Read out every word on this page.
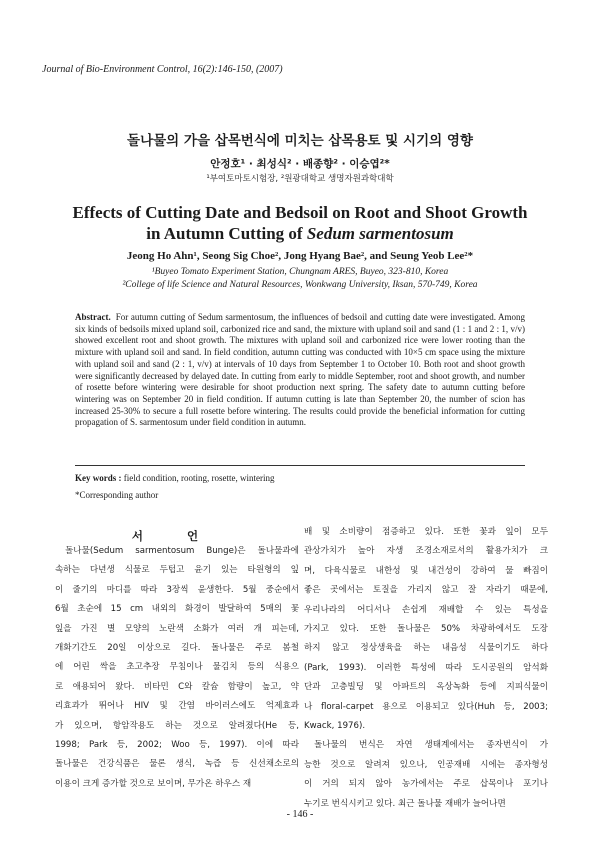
Journal of Bio-Environment Control, 16(2):146-150, (2007)
돌나물의 가을 삽목번식에 미치는 삽목용토 및 시기의 영향
안정호¹ · 최성식² · 배종향² · 이승엽²*
¹부여토마토시험장, ²원광대학교 생명자원과학대학
Effects of Cutting Date and Bedsoil on Root and Shoot Growth
in Autumn Cutting of Sedum sarmentosum
Jeong Ho Ahn¹, Seong Sig Choe², Jong Hyang Bae², and Seung Yeob Lee²*
¹Buyeo Tomato Experiment Station, Chungnam ARES, Buyeo, 323-810, Korea
²College of life Science and Natural Resources, Wonkwang University, Iksan, 570-749, Korea
Abstract. For autumn cutting of Sedum sarmentosum, the influences of bedsoil and cutting date were investigated. Among six kinds of bedsoils mixed upland soil, carbonized rice and sand, the mixture with upland soil and sand (1 : 1 and 2 : 1, v/v) showed excellent root and shoot growth. The mixtures with upland soil and carbonized rice were lower rooting than the mixture with upland soil and sand. In field condition, autumn cutting was conducted with 10×5 cm space using the mixture with upland soil and sand (2 : 1, v/v) at intervals of 10 days from September 1 to October 10. Both root and shoot growth were significantly decreased by delayed date. In cutting from early to middle September, root and shoot growth, and number of rosette before wintering were desirable for shoot production next spring. The safety date to autumn cutting before wintering was on September 20 in field condition. If autumn cutting is late than September 20, the number of scion has increased 25-30% to secure a full rosette before wintering. The results could provide the beneficial information for cutting propagation of S. sarmentosum under field condition in autumn.
Key words : field condition, rooting, rosette, wintering
*Corresponding author
서 언
돌나물(Sedum sarmentosum Bunge)은 돌나물과에
속하는 다년생 식물로 두텁고 윤기 있는 타원형의 잎
이 줄기의 마디를 따라 3장씩 윤생한다. 5월 중순에서
6월 초순에 15 cm 내외의 화경이 발달하여 5매의 꽃
잎을 가진 별 모양의 노란색 소화가 여러 개 피는데,
개화기간도 20일 이상으로 길다. 돌나물은 주로 봄철
에 어린 싹을 초고추장 무침이나 물김치 등의 식용으
로 애용되어 왔다. 비타민 C와 칼슘 함량이 높고, 약
리효과가 뛰어나 HIV 및 간염 바이러스에도 억제효과
가 있으며, 항암작용도 하는 것으로 알려졌다(He 등,
1998; Park 등, 2002; Woo 등, 1997). 이에 따라
돌나물은 건강식품은 물론 생식, 녹즙 등 신선채소로의
이용이 크게 증가할 것으로 보이며, 무가온 하우스 재
배 및 소비량이 점증하고 있다. 또한 꽃과 잎이 모두
관상가치가 높아 자생 조경소재로서의 활용가치가 크
며, 다육식물로 내한성 및 내건성이 강하여 물 빠짐이
좋은 곳에서는 토질을 가리지 않고 잘 자라기 때문에,
우리나라의 어디서나 손쉽게 재배할 수 있는 특성을
가지고 있다. 또한 돌나물은 50% 차광하에서도 도장
하지 않고 정상생육을 하는 내음성 식물이기도 하다
(Park, 1993). 이러한 특성에 따라 도시공원의 암석화
단과 고층빌딩 및 아파트의 옥상녹화 등에 지피식물이
나 floral-carpet 용으로 이용되고 있다(Huh 등, 2003;
Kwack, 1976).
돌나물의 번식은 자연 생태계에서는 종자번식이 가
능한 것으로 알려져 있으나, 인공재배 시에는 종자형성
이 거의 되지 않아 농가에서는 주로 삽목이나 포기나
누기로 번식시키고 있다. 최근 돌나물 재배가 늘어나면
- 146 -
